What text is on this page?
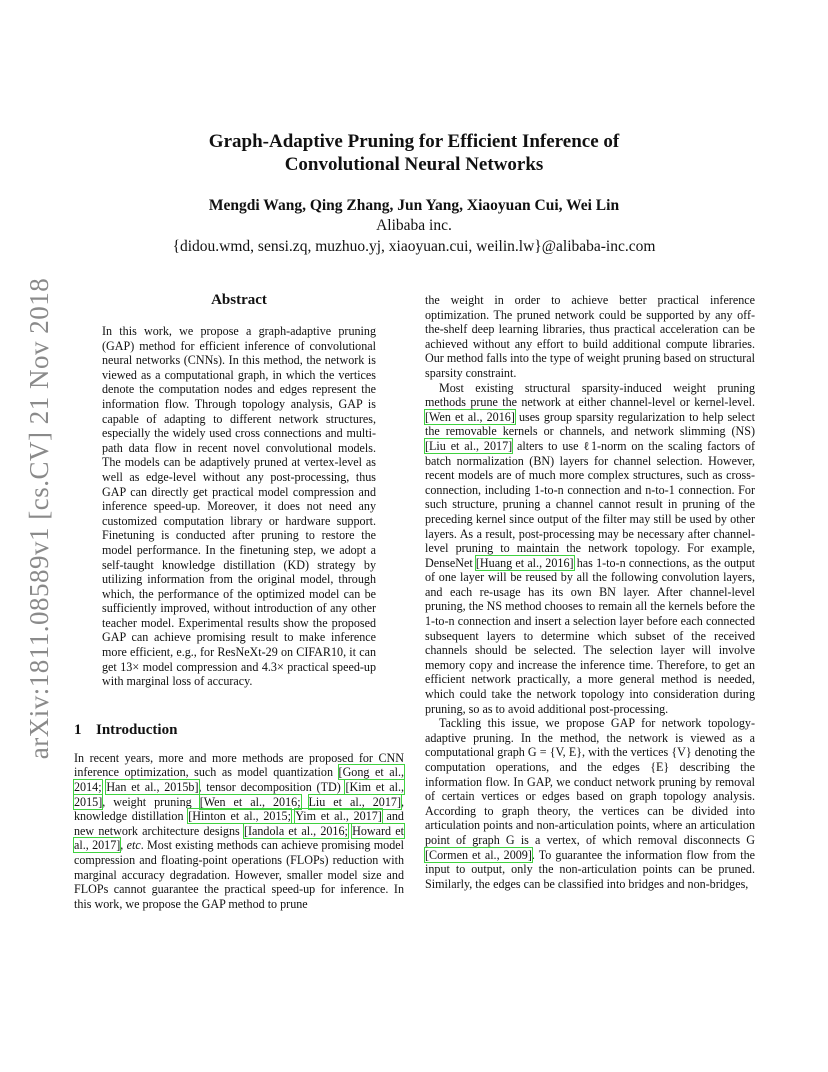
arXiv:1811.08589v1 [cs.CV] 21 Nov 2018
Graph-Adaptive Pruning for Efficient Inference of
Convolutional Neural Networks
Mengdi Wang, Qing Zhang, Jun Yang, Xiaoyuan Cui, Wei Lin
Alibaba inc.
{didou.wmd, sensi.zq, muzhuo.yj, xiaoyuan.cui, weilin.lw}@alibaba-inc.com
Abstract

In this work, we propose a graph-adaptive pruning (GAP) method for efficient inference of convolutional neural networks (CNNs). In this method, the network is viewed as a computational graph, in which the vertices denote the computation nodes and edges represent the information flow. Through topology analysis, GAP is capable of adapting to different network structures, especially the widely used cross connections and multi-path data flow in recent novel convolutional models. The models can be adaptively pruned at vertex-level as well as edge-level without any post-processing, thus GAP can directly get practical model compression and inference speed-up. Moreover, it does not need any customized computation library or hardware support. Finetuning is conducted after pruning to restore the model performance. In the finetuning step, we adopt a self-taught knowledge distillation (KD) strategy by utilizing information from the original model, through which, the performance of the optimized model can be sufficiently improved, without introduction of any other teacher model. Experimental results show the proposed GAP can achieve promising result to make inference more efficient, e.g., for ResNeXt-29 on CIFAR10, it can get 13× model compression and 4.3× practical speed-up with marginal loss of accuracy.

1 Introduction

In recent years, more and more methods are proposed for CNN inference optimization, such as model quantization [Gong et al., 2014; Han et al., 2015b], tensor decomposition (TD) [Kim et al., 2015], weight pruning [Wen et al., 2016; Liu et al., 2017], knowledge distillation [Hinton et al., 2015; Yim et al., 2017] and new network architecture designs [Iandola et al., 2016; Howard et al., 2017], etc. Most existing methods can achieve promising model compression and floating-point operations (FLOPs) reduction with marginal accuracy degradation. However, smaller model size and FLOPs cannot guarantee the practical speed-up for inference. In this work, we propose the GAP method to prune

the weight in order to achieve better practical inference optimization. The pruned network could be supported by any off-the-shelf deep learning libraries, thus practical acceleration can be achieved without any effort to build additional compute libraries. Our method falls into the type of weight pruning based on structural sparsity constraint.

Most existing structural sparsity-induced weight pruning methods prune the network at either channel-level or kernel-level. [Wen et al., 2016] uses group sparsity regularization to help select the removable kernels or channels, and network slimming (NS) [Liu et al., 2017] alters to use ℓ1-norm on the scaling factors of batch normalization (BN) layers for channel selection. However, recent models are of much more complex structures, such as cross-connection, including 1-to-n connection and n-to-1 connection. For such structure, pruning a channel cannot result in pruning of the preceding kernel since output of the filter may still be used by other layers. As a result, post-processing may be necessary after channel-level pruning to maintain the network topology. For example, DenseNet [Huang et al., 2016] has 1-to-n connections, as the output of one layer will be reused by all the following convolution layers, and each re-usage has its own BN layer. After channel-level pruning, the NS method chooses to remain all the kernels before the 1-to-n connection and insert a selection layer before each connected subsequent layers to determine which subset of the received channels should be selected. The selection layer will involve memory copy and increase the inference time. Therefore, to get an efficient network practically, a more general method is needed, which could take the network topology into consideration during pruning, so as to avoid additional post-processing.

Tackling this issue, we propose GAP for network topology-adaptive pruning. In the method, the network is viewed as a computational graph G = {V, E}, with the vertices {V} denoting the computation operations, and the edges {E} describing the information flow. In GAP, we conduct network pruning by removal of certain vertices or edges based on graph topology analysis. According to graph theory, the vertices can be divided into articulation points and non-articulation points, where an articulation point of graph G is a vertex, of which removal disconnects G [Cormen et al., 2009]. To guarantee the information flow from the input to output, only the non-articulation points can be pruned. Similarly, the edges can be classified into bridges and non-bridges,
